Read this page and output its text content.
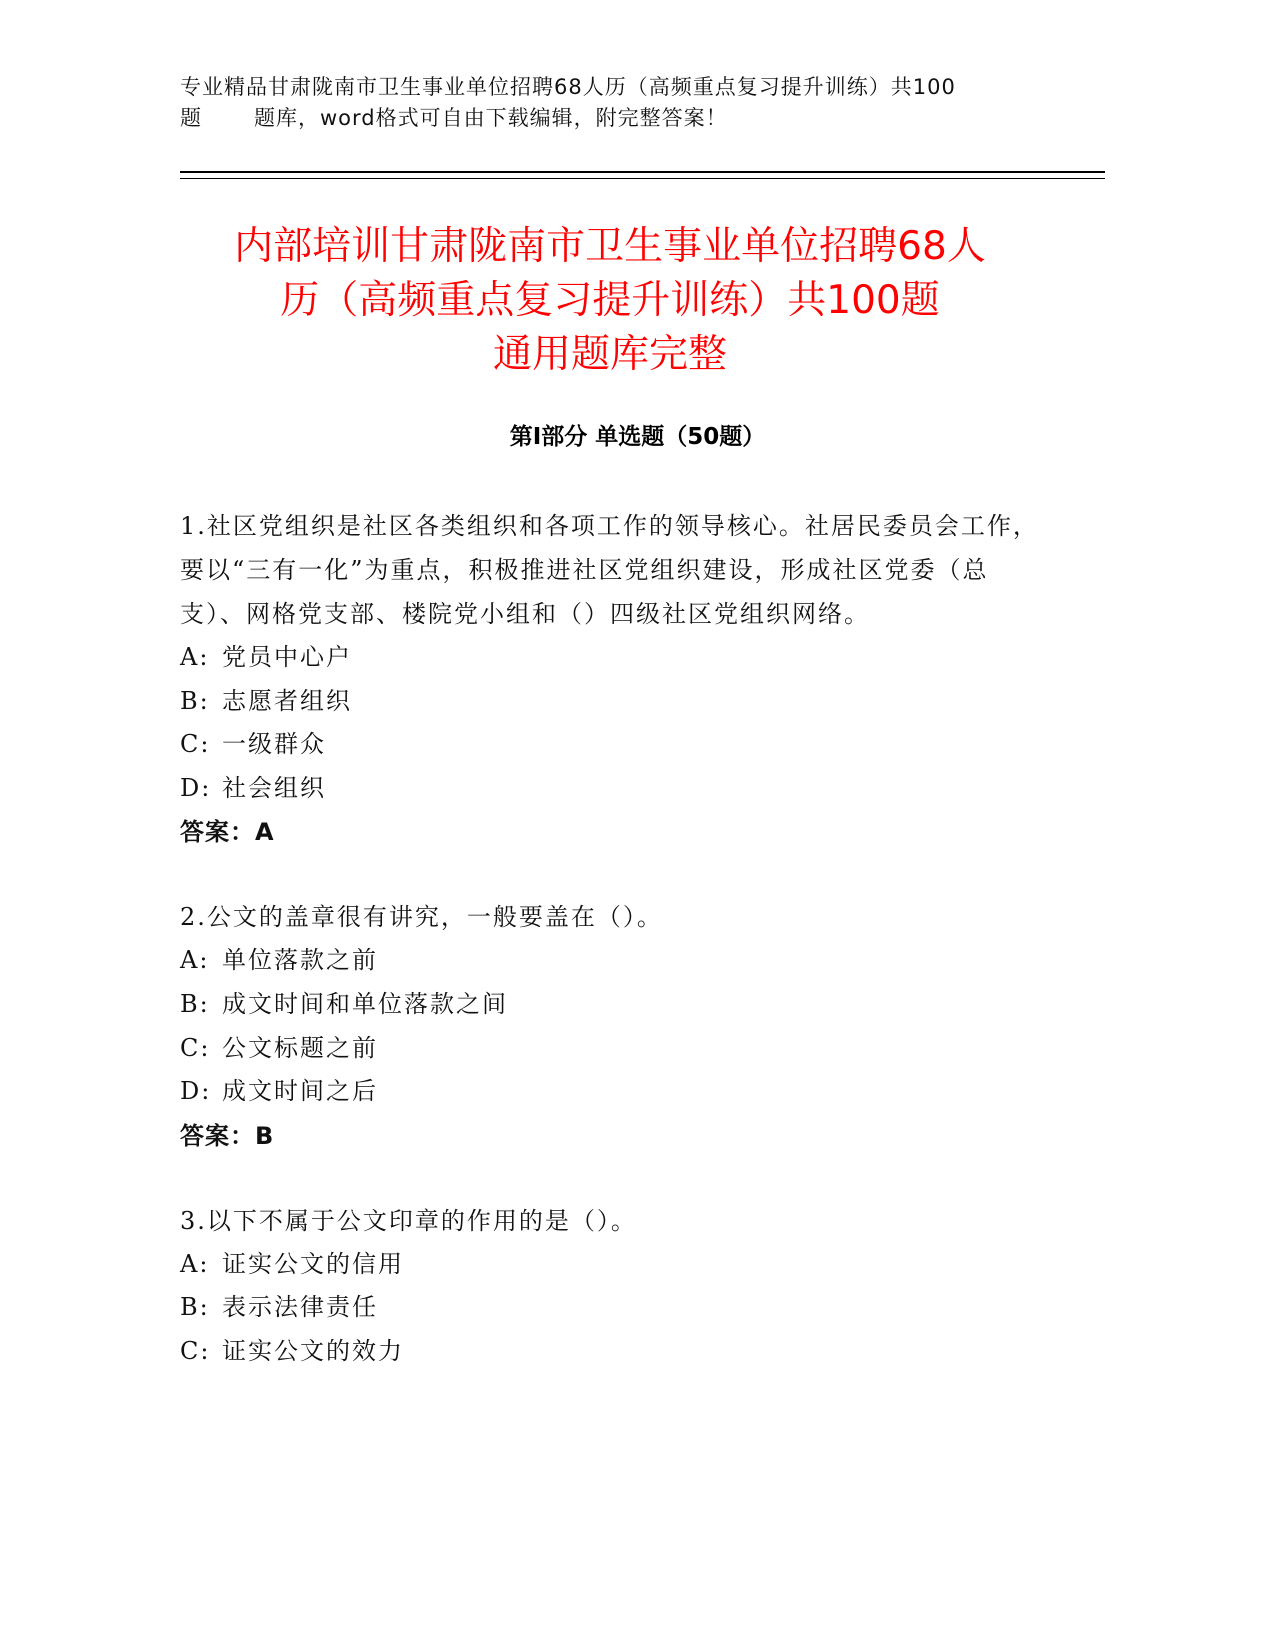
专业精品甘肃陇南市卫生事业单位招聘68人历（高频重点复习提升训练）共100
题 题库，word格式可自由下载编辑，附完整答案！
内部培训甘肃陇南市卫生事业单位招聘68人
历（高频重点复习提升训练）共100题
通用题库完整
第Ⅰ部分 单选题（50题）

1.社区党组织是社区各类组织和各项工作的领导核心。社居民委员会工作，要以“三有一化”为重点，积极推进社区党组织建设，形成社区党委（总支）、网格党支部、楼院党小组和（）四级社区党组织网络。

A: 党员中心户
B: 志愿者组织
C: 一级群众
D: 社会组织
答案：A

2.公文的盖章很有讲究，一般要盖在（）。

A: 单位落款之前
B: 成文时间和单位落款之间
C: 公文标题之前
D: 成文时间之后
答案：B

3.以下不属于公文印章的作用的是（）。

A: 证实公文的信用
B: 表示法律责任
C: 证实公文的效力
